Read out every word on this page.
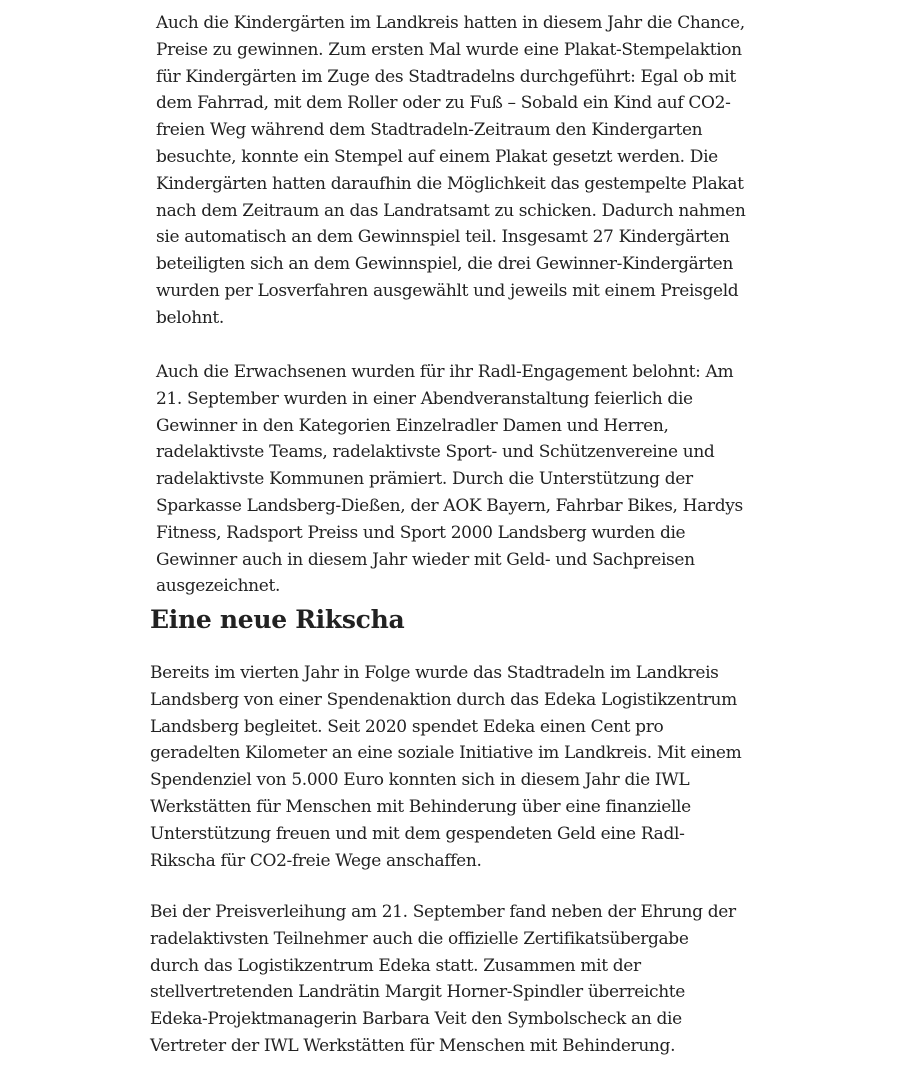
Auch die Kindergärten im Landkreis hatten in diesem Jahr die Chance, Preise zu gewinnen. Zum ersten Mal wurde eine Plakat-Stempelaktion für Kindergärten im Zuge des Stadtradelns durchgeführt: Egal ob mit dem Fahrrad, mit dem Roller oder zu Fuß – Sobald ein Kind auf CO2-freien Weg während dem Stadtradeln-Zeitraum den Kindergarten besuchte, konnte ein Stempel auf einem Plakat gesetzt werden. Die Kindergärten hatten daraufhin die Möglichkeit das gestempelte Plakat nach dem Zeitraum an das Landratsamt zu schicken. Dadurch nahmen sie automatisch an dem Gewinnspiel teil. Insgesamt 27 Kindergärten beteiligten sich an dem Gewinnspiel, die drei Gewinner-Kindergärten wurden per Losverfahren ausgewählt und jeweils mit einem Preisgeld belohnt.

Auch die Erwachsenen wurden für ihr Radl-Engagement belohnt: Am 21. September wurden in einer Abendveranstaltung feierlich die Gewinner in den Kategorien Einzelradler Damen und Herren, radelaktivste Teams, radelaktivste Sport- und Schützenvereine und radelaktivste Kommunen prämiert. Durch die Unterstützung der Sparkasse Landsberg-Dießen, der AOK Bayern, Fahrbar Bikes, Hardys Fitness, Radsport Preiss und Sport 2000 Landsberg wurden die Gewinner auch in diesem Jahr wieder mit Geld- und Sachpreisen ausgezeichnet.

Eine neue Rikscha

Bereits im vierten Jahr in Folge wurde das Stadtradeln im Landkreis Landsberg von einer Spendenaktion durch das Edeka Logistikzentrum Landsberg begleitet. Seit 2020 spendet Edeka einen Cent pro geradelten Kilometer an eine soziale Initiative im Landkreis. Mit einem Spendenziel von 5.000 Euro konnten sich in diesem Jahr die IWL Werkstätten für Menschen mit Behinderung über eine finanzielle Unterstützung freuen und mit dem gespendeten Geld eine Radl-Rikscha für CO2-freie Wege anschaffen.

Bei der Preisverleihung am 21. September fand neben der Ehrung der radelaktivsten Teilnehmer auch die offizielle Zertifikatsübergabe durch das Logistikzentrum Edeka statt. Zusammen mit der stellvertretenden Landrätin Margit Horner-Spindler überreichte Edeka-Projektmanagerin Barbara Veit den Symbolscheck an die Vertreter der IWL Werkstätten für Menschen mit Behinderung.
